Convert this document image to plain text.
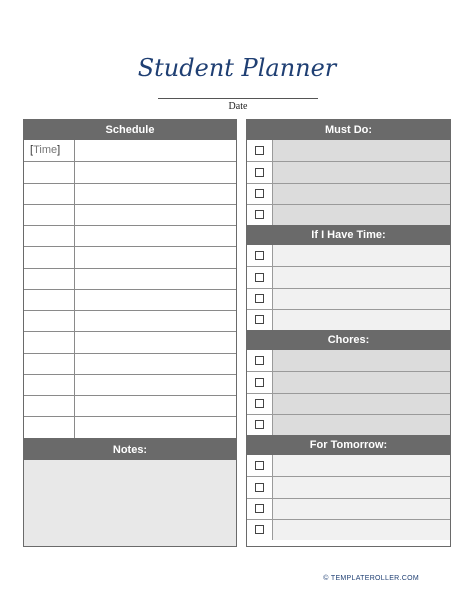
Student Planner
Date
Schedule
[Time]
Notes:
Must Do:
If I Have Time:
Chores:
For Tomorrow:
© TEMPLATEROLLER.COM
